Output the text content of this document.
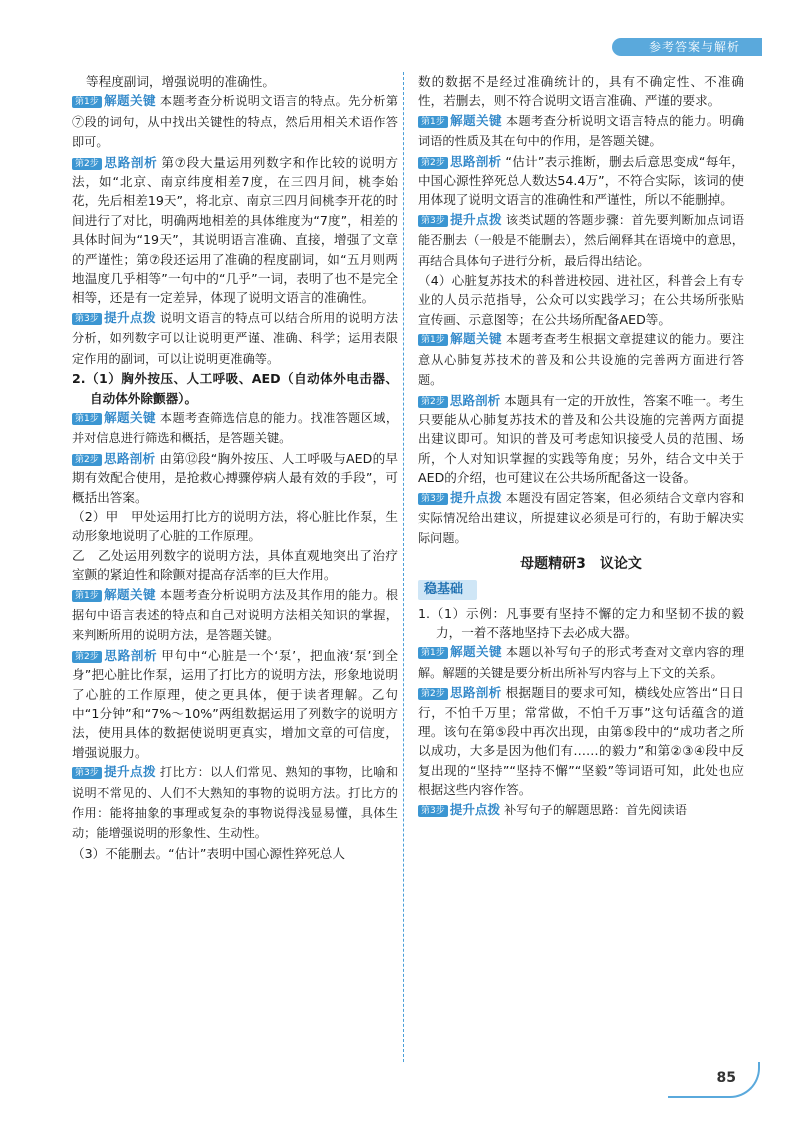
参考答案与解析

等程度副词，增强说明的准确性。

第1步 解题关键 本题考查分析说明文语言的特点。先分析第⑦段的词句，从中找出关键性的特点，然后用相关术语作答即可。

第2步 思路剖析 第⑦段大量运用列数字和作比较的说明方法，如“北京、南京纬度相差7度，在三四月间，桃李始花，先后相差19天”，将北京、南京三四月间桃李开花的时间进行了对比，明确两地相差的具体维度为“7度”，相差的具体时间为“19天”，其说明语言准确、直接，增强了文章的严谨性；第⑦段还运用了准确的程度副词，如“五月则两地温度几乎相等”一句中的“几乎”一词，表明了也不是完全相等，还是有一定差异，体现了说明文语言的准确性。

第3步 提升点拨 说明文语言的特点可以结合所用的说明方法分析，如列数字可以让说明更严谨、准确、科学；运用表限定作用的副词，可以让说明更准确等。

2.（1）胸外按压、人工呼吸、AED（自动体外电击器、自动体外除颤器）。

第1步 解题关键 本题考查筛选信息的能力。找准答题区域，并对信息进行筛选和概括，是答题关键。

第2步 思路剖析 由第⑫段“胸外按压、人工呼吸与AED的早期有效配合使用，是抢救心搏骤停病人最有效的手段”，可概括出答案。

（2）甲　甲处运用打比方的说明方法，将心脏比作泵，生动形象地说明了心脏的工作原理。

乙　乙处运用列数字的说明方法，具体直观地突出了治疗室颤的紧迫性和除颤对提高存活率的巨大作用。

第1步 解题关键 本题考查分析说明方法及其作用的能力。根据句中语言表述的特点和自己对说明方法相关知识的掌握，来判断所用的说明方法，是答题关键。

第2步 思路剖析 甲句中“心脏是一个‘泵’，把血液‘泵’到全身”把心脏比作泵，运用了打比方的说明方法，形象地说明了心脏的工作原理，使之更具体，便于读者理解。乙句中“1分钟”和“7%～10%”两组数据运用了列数字的说明方法，使用具体的数据使说明更真实，增加文章的可信度，增强说服力。

第3步 提升点拨 打比方：以人们常见、熟知的事物，比喻和说明不常见的、人们不大熟知的事物的说明方法。打比方的作用：能将抽象的事理或复杂的事物说得浅显易懂，具体生动；能增强说明的形象性、生动性。

（3）不能删去。“估计”表明中国心源性猝死总人

数的数据不是经过准确统计的，具有不确定性、不准确性，若删去，则不符合说明文语言准确、严谨的要求。

第1步 解题关键 本题考查分析说明文语言特点的能力。明确词语的性质及其在句中的作用，是答题关键。

第2步 思路剖析 “估计”表示推断，删去后意思变成“每年，中国心源性猝死总人数达54.4万”，不符合实际，该词的使用体现了说明文语言的准确性和严谨性，所以不能删掉。

第3步 提升点拨 该类试题的答题步骤：首先要判断加点词语能否删去（一般是不能删去），然后阐释其在语境中的意思，再结合具体句子进行分析，最后得出结论。

（4）心脏复苏技术的科普进校园、进社区，科普会上有专业的人员示范指导，公众可以实践学习；在公共场所张贴宣传画、示意图等；在公共场所配备AED等。

第1步 解题关键 本题考查考生根据文章提建议的能力。要注意从心肺复苏技术的普及和公共设施的完善两方面进行答题。

第2步 思路剖析 本题具有一定的开放性，答案不唯一。考生只要能从心肺复苏技术的普及和公共设施的完善两方面提出建议即可。知识的普及可考虑知识接受人员的范围、场所，个人对知识掌握的实践等角度；另外，结合文中关于AED的介绍，也可建议在公共场所配备这一设备。

第3步 提升点拨 本题没有固定答案，但必须结合文章内容和实际情况给出建议，所提建议必须是可行的，有助于解决实际问题。

母题精研3　议论文
稳基础

1.（1）示例：凡事要有坚持不懈的定力和坚韧不拔的毅力，一着不落地坚持下去必成大器。

第1步 解题关键 本题以补写句子的形式考查对文章内容的理解。解题的关键是要分析出所补写内容与上下文的关系。

第2步 思路剖析 根据题目的要求可知，横线处应答出“日日行，不怕千万里；常常做，不怕千万事”这句话蕴含的道理。该句在第⑤段中再次出现，由第⑤段中的“成功者之所以成功，大多是因为他们有……的毅力”和第②③④段中反复出现的“坚持”“坚持不懈”“坚毅”等词语可知，此处也应根据这些内容作答。

第3步 提升点拨 补写句子的解题思路：首先阅读语

85
